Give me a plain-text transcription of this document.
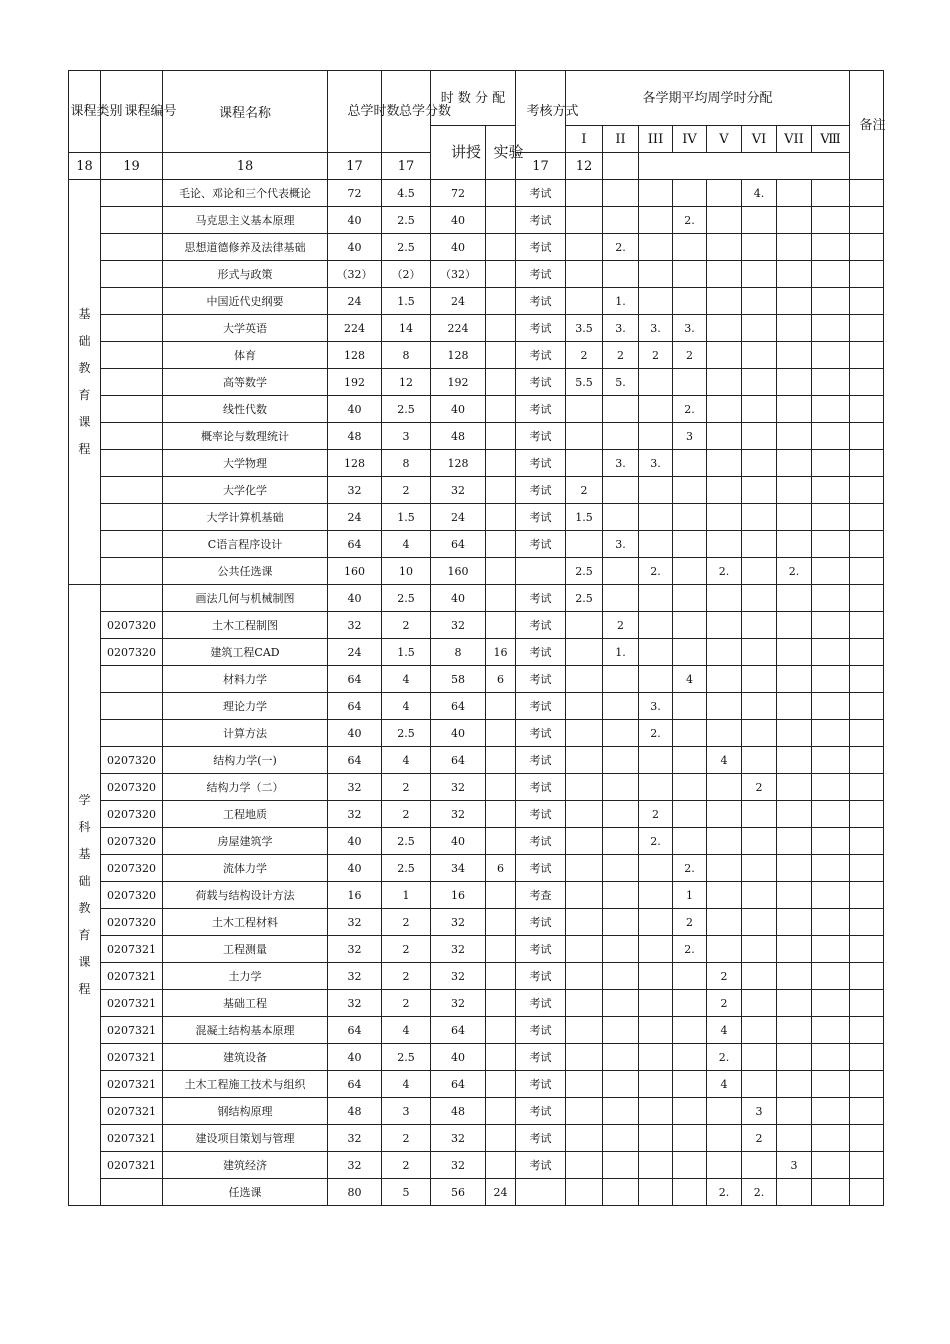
课程类别	课程编号	课程名称	总学时数	总学分数	时 数 分 配		考核方式	各学期平均周学时分配								备注
					讲授	实验		I	II	III	IV	V	VI	VII	Ⅷ	
18	19	18	17	17			17	12								
基础教育课程		毛论、邓论和三个代表概论	72	4.5	72		考试						4.			
		马克思主义基本原理	40	2.5	40		考试				2.					
		思想道德修养及法律基础	40	2.5	40		考试		2.							
		形式与政策	（32）	（2）	（32）		考试									
		中国近代史纲要	24	1.5	24		考试		1.							
		大学英语	224	14	224		考试	3.5	3.	3.	3.					
		体育	128	8	128		考试	2	2	2	2					
		高等数学	192	12	192		考试	5.5	5.							
		线性代数	40	2.5	40		考试				2.					
		概率论与数理统计	48	3	48		考试				3					
		大学物理	128	8	128		考试		3.	3.						
		大学化学	32	2	32		考试	2								
		大学计算机基础	24	1.5	24		考试	1.5								
		C语言程序设计	64	4	64		考试		3.							
		公共任选课	160	10	160			2.5		2.		2.		2.		
学科基础教育课程		画法几何与机械制图	40	2.5	40		考试	2.5								
	0207320	土木工程制图	32	2	32		考试		2							
	0207320	建筑工程CAD	24	1.5	8	16	考试		1.							
		材料力学	64	4	58	6	考试				4					
		理论力学	64	4	64		考试			3.						
		计算方法	40	2.5	40		考试			2.						
	0207320	结构力学(一)	64	4	64		考试					4				
	0207320	结构力学（二）	32	2	32		考试						2			
	0207320	工程地质	32	2	32		考试			2						
	0207320	房屋建筑学	40	2.5	40		考试			2.						
	0207320	流体力学	40	2.5	34	6	考试				2.					
	0207320	荷载与结构设计方法	16	1	16		考查				1					
	0207320	土木工程材料	32	2	32		考试				2					
	0207321	工程测量	32	2	32		考试				2.					
	0207321	土力学	32	2	32		考试					2				
	0207321	基础工程	32	2	32		考试					2				
	0207321	混凝土结构基本原理	64	4	64		考试					4				
	0207321	建筑设备	40	2.5	40		考试					2.				
	0207321	土木工程施工技术与组织	64	4	64		考试					4				
	0207321	钢结构原理	48	3	48		考试						3			
	0207321	建设项目策划与管理	32	2	32		考试						2			
	0207321	建筑经济	32	2	32		考试							3		
		任选课	80	5	56	24						2.	2.			
